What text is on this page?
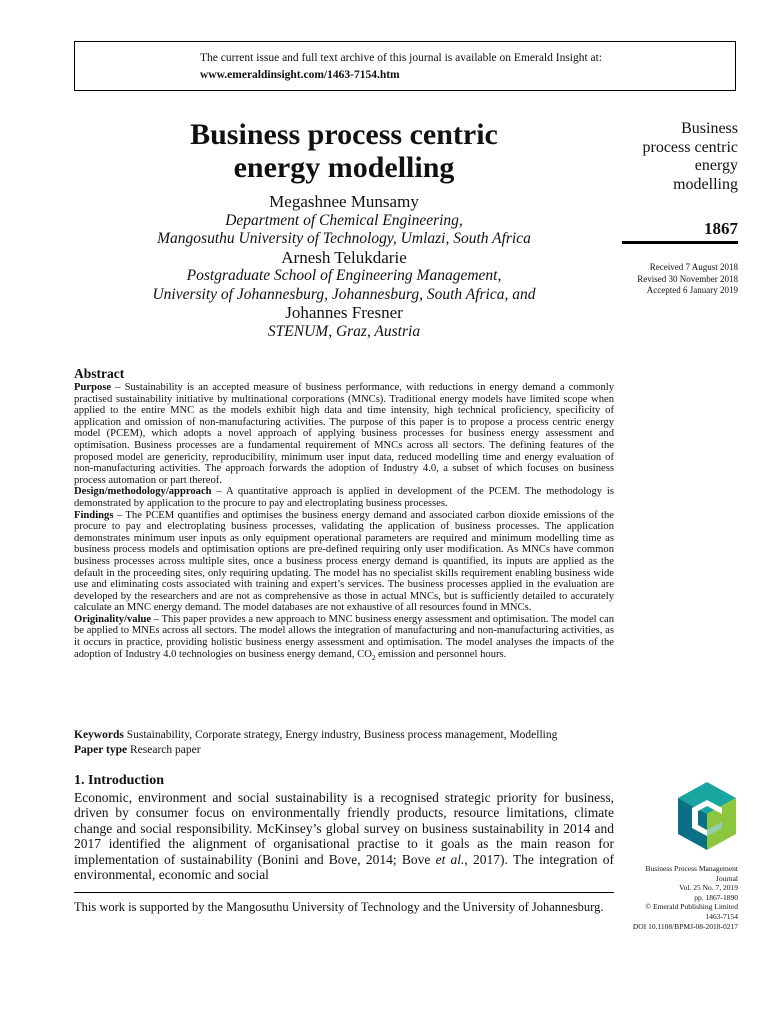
The current issue and full text archive of this journal is available on Emerald Insight at:
www.emeraldinsight.com/1463-7154.htm
Business process centric
energy modelling
Megashnee Munsamy
Department of Chemical Engineering,
Mangosuthu University of Technology, Umlazi, South Africa
Arnesh Telukdarie
Postgraduate School of Engineering Management,
University of Johannesburg, Johannesburg, South Africa, and
Johannes Fresner
STENUM, Graz, Austria
Business
process centric
energy
modelling
1867
Received 7 August 2018
Revised 30 November 2018
Accepted 6 January 2019
Abstract

Purpose – Sustainability is an accepted measure of business performance, with reductions in energy demand a commonly practised sustainability initiative by multinational corporations (MNCs). Traditional energy models have limited scope when applied to the entire MNC as the models exhibit high data and time intensity, high technical proficiency, specificity of application and omission of non-manufacturing activities. The purpose of this paper is to propose a process centric energy model (PCEM), which adopts a novel approach of applying business processes for business energy assessment and optimisation. Business processes are a fundamental requirement of MNCs across all sectors. The defining features of the proposed model are genericity, reproducibility, minimum user input data, reduced modelling time and energy evaluation of non-manufacturing activities. The approach forwards the adoption of Industry 4.0, a subset of which focuses on business process automation or part thereof.

Design/methodology/approach – A quantitative approach is applied in development of the PCEM. The methodology is demonstrated by application to the procure to pay and electroplating business processes.

Findings – The PCEM quantifies and optimises the business energy demand and associated carbon dioxide emissions of the procure to pay and electroplating business processes, validating the application of business processes. The application demonstrates minimum user inputs as only equipment operational parameters are required and minimum modelling time as business process models and optimisation options are pre-defined requiring only user modification. As MNCs have common business processes across multiple sites, once a business process energy demand is quantified, its inputs are applied as the default in the proceeding sites, only requiring updating. The model has no specialist skills requirement enabling business wide use and eliminating costs associated with training and expert’s services. The business processes applied in the evaluation are developed by the researchers and are not as comprehensive as those in actual MNCs, but is sufficiently detailed to accurately calculate an MNC energy demand. The model databases are not exhaustive of all resources found in MNCs.

Originality/value – This paper provides a new approach to MNC business energy assessment and optimisation. The model can be applied to MNEs across all sectors. The model allows the integration of manufacturing and non-manufacturing activities, as it occurs in practice, providing holistic business energy assessment and optimisation. The model analyses the impacts of the adoption of Industry 4.0 technologies on business energy demand, $CO_2$ emission and personnel hours.

Keywords Sustainability, Corporate strategy, Energy industry, Business process management, Modelling
Paper type Research paper
1. Introduction
Economic, environment and social sustainability is a recognised strategic priority for business, driven by consumer focus on environmentally friendly products, resource limitations, climate change and social responsibility. McKinsey’s global survey on business sustainability in 2014 and 2017 identified the alignment of organisational practise to it goals as the main reason for implementation of sustainability (Bonini and Bove, 2014; Bove et al., 2017). The integration of environmental, economic and social
This work is supported by the Mangosuthu University of Technology and the University of Johannesburg.
Business Process Management
Journal
Vol. 25 No. 7, 2019
pp. 1867-1890
© Emerald Publishing Limited
1463-7154
DOI 10.1108/BPMJ-08-2018-0217
